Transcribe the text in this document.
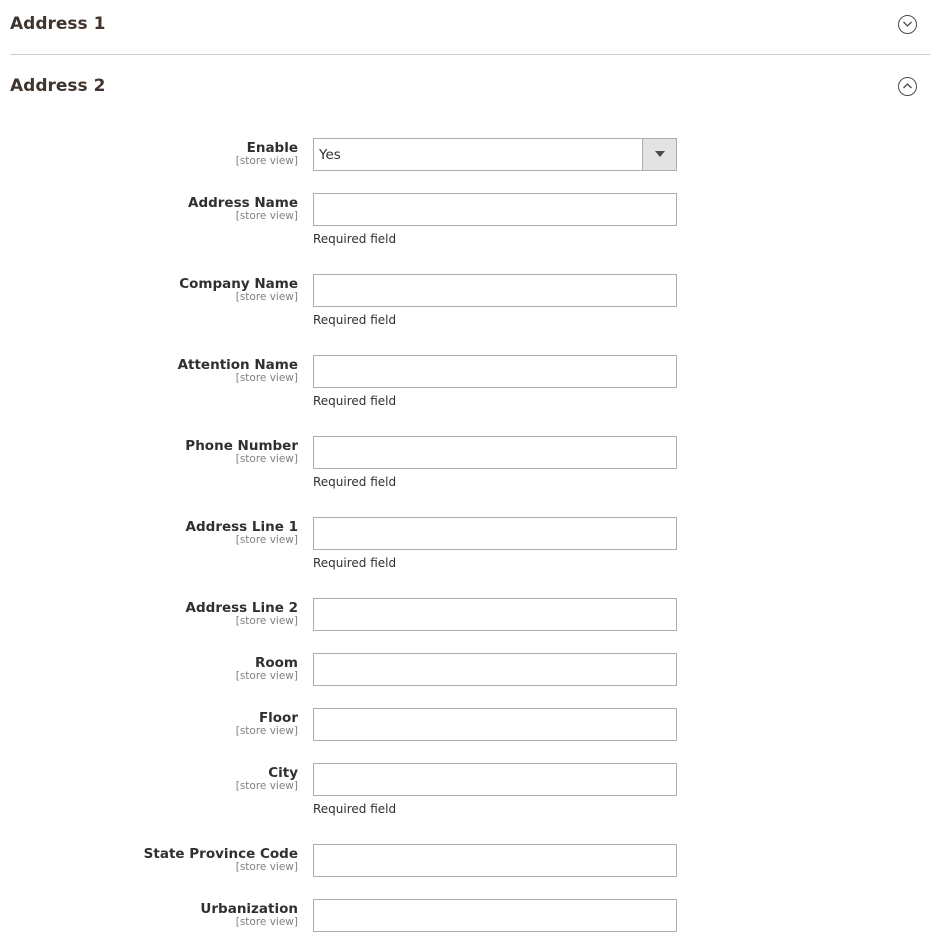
Address 1
Address 2
Enable
[store view] Yes
Address Name
[store view]
Required field
Company Name
[store view]
Required field
Attention Name
[store view]
Required field
Phone Number
[store view]
Required field
Address Line 1
[store view]
Required field
Address Line 2
[store view]
Room
[store view]
Floor
[store view]
City
[store view]
Required field
State Province Code
[store view]
Urbanization
[store view]
